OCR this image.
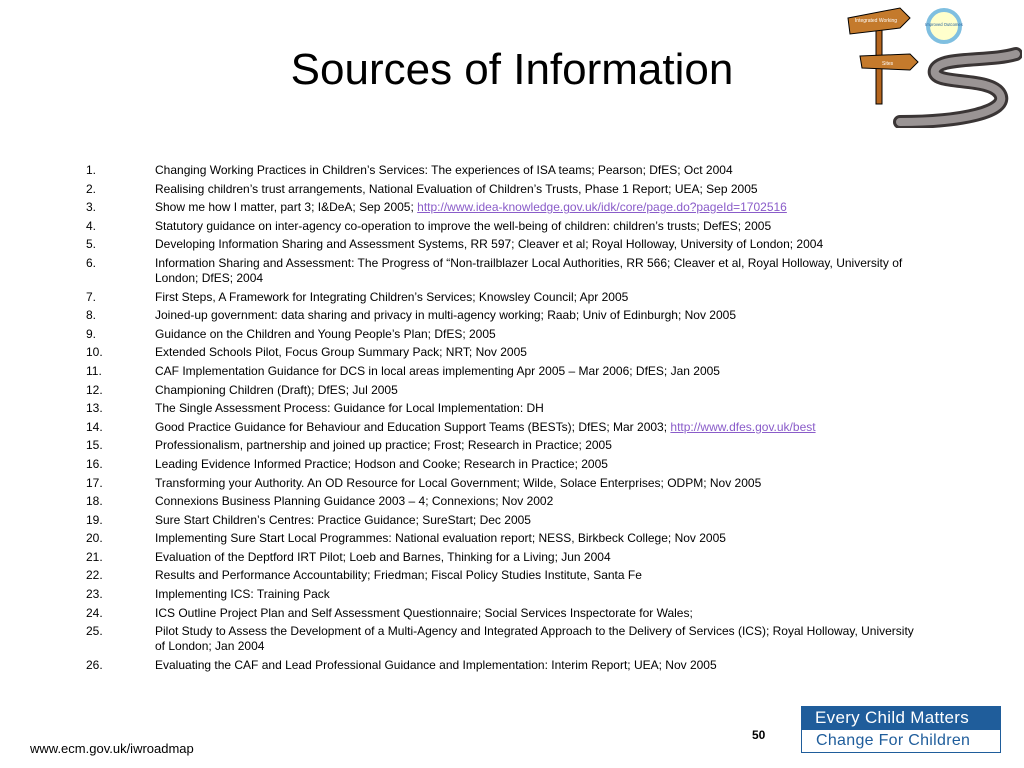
Sources of Information
Integrated Working
Sites
Improved Outcomes
1.	Changing Working Practices in Children’s Services: The experiences of ISA teams; Pearson; DfES; Oct 2004
2.	Realising children’s trust arrangements, National Evaluation of Children’s Trusts, Phase 1 Report; UEA; Sep 2005
3.	Show me how I matter, part 3; I&DeA; Sep 2005; http://www.idea-knowledge.gov.uk/idk/core/page.do?pageId=1702516
4.	Statutory guidance on inter-agency co-operation to improve the well-being of children: children’s trusts; DefES; 2005
5.	Developing Information Sharing and Assessment Systems, RR 597; Cleaver et al; Royal Holloway, University of London; 2004
6.	Information Sharing and Assessment: The Progress of “Non-trailblazer Local Authorities, RR 566; Cleaver et al, Royal Holloway, University of London; DfES; 2004
7.	First Steps, A Framework for Integrating Children’s Services; Knowsley Council; Apr 2005
8.	Joined-up government: data sharing and privacy in multi-agency working; Raab; Univ of Edinburgh; Nov 2005
9.	Guidance on the Children and Young People’s Plan; DfES; 2005
10.	Extended Schools Pilot, Focus Group Summary Pack; NRT; Nov 2005
11.	CAF Implementation Guidance for DCS in local areas implementing Apr 2005 – Mar 2006; DfES; Jan 2005
12.	Championing Children (Draft); DfES; Jul 2005
13.	The Single Assessment Process: Guidance for Local Implementation: DH
14.	Good Practice Guidance for Behaviour and Education Support Teams (BESTs); DfES; Mar 2003; http://www.dfes.gov.uk/best
15.	Professionalism, partnership and joined up practice; Frost; Research in Practice; 2005
16.	Leading Evidence Informed Practice; Hodson and Cooke; Research in Practice; 2005
17.	Transforming your Authority. An OD Resource for Local Government; Wilde, Solace Enterprises; ODPM; Nov 2005
18.	Connexions Business Planning Guidance 2003 – 4; Connexions; Nov 2002
19.	Sure Start Children’s Centres: Practice Guidance; SureStart; Dec 2005
20.	Implementing Sure Start Local Programmes: National evaluation report; NESS, Birkbeck College; Nov 2005
21.	Evaluation of the Deptford IRT Pilot; Loeb and Barnes, Thinking for a Living; Jun 2004
22.	Results and Performance Accountability; Friedman; Fiscal Policy Studies Institute, Santa Fe
23.	Implementing ICS: Training Pack
24.	ICS Outline Project Plan and Self Assessment Questionnaire; Social Services Inspectorate for Wales;
25.	Pilot Study to Assess the Development of a Multi-Agency and Integrated Approach to the Delivery of Services (ICS); Royal Holloway, University of London; Jan 2004
26.	Evaluating the CAF and Lead Professional Guidance and Implementation: Interim Report; UEA; Nov 2005
www.ecm.gov.uk/iwroadmap
50
Every Child Matters
Change For Children
